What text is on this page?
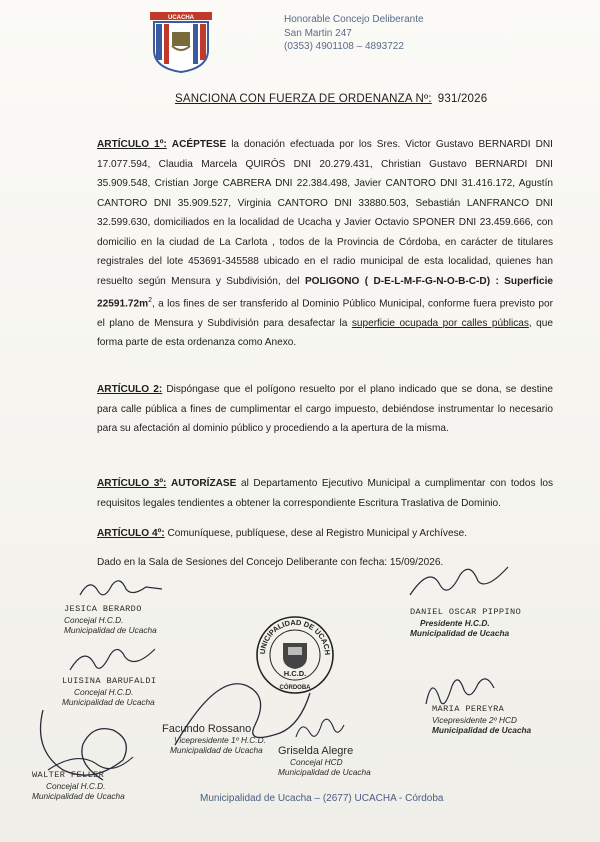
UCACHA	Honorable Concejo Deliberante
San Martin 247
(0353) 4901108 – 4893722
SANCIONA CON FUERZA DE ORDENANZA Nº: 931/2026
ARTÍCULO 1º: ACÉPTESE la donación efectuada por los Sres. Victor Gustavo BERNARDI DNI 17.077.594, Claudia Marcela QUIRÓS DNI 20.279.431, Christian Gustavo BERNARDI DNI 35.909.548, Cristian Jorge CABRERA DNI 22.384.498, Javier CANTORO DNI 31.416.172, Agustín CANTORO DNI 35.909.527, Virginia CANTORO DNI 33880.503, Sebastián LANFRANCO DNI 32.599.630, domiciliados en la localidad de Ucacha y Javier Octavio SPONER DNI 23.459.666, con domicilio en la ciudad de La Carlota , todos de la Provincia de Córdoba, en carácter de titulares registrales del lote 453691-345588 ubicado en el radio municipal de esta localidad, quienes han resuelto según Mensura y Subdivisión, del POLIGONO ( D-E-L-M-F-G-N-O-B-C-D) : Superficie $22591.72m^2$, a los fines de ser transferido al Dominio Público Municipal, conforme fuera previsto por el plano de Mensura y Subdivisión para desafectar la superficie ocupada por calles públicas, que forma parte de esta ordenanza como Anexo.
ARTÍCULO 2: Dispóngase que el polígono resuelto por el plano indicado que se dona, se destine para calle pública a fines de cumplimentar el cargo impuesto, debiéndose instrumentar lo necesario para su afectación al dominio público y procediendo a la apertura de la misma.
ARTÍCULO 3º: AUTORÍZASE al Departamento Ejecutivo Municipal a cumplimentar con todos los requisitos legales tendientes a obtener la correspondiente Escritura Traslativa de Dominio.
ARTÍCULO 4º: Comuníquese, publíquese, dese al Registro Municipal y Archívese.
Dado en la Sala de Sesiones del Concejo Deliberante con fecha: 15/09/2026.
MUNICIPALIDAD DE UCACHA
H.C.D.
CÓRDOBA
JESICA BERARDO
Concejal H.C.D.
Municipalidad de Ucacha
DANIEL OSCAR PIPPINO
Presidente H.C.D.
Municipalidad de Ucacha
LUISINA BARUFALDI
Concejal H.C.D.
Municipalidad de Ucacha
MARIA PEREYRA
Vicepresidente 2º HCD
Municipalidad de Ucacha
Facundo Rossano
Vicepresidente 1º H.C.D.
Municipalidad de Ucacha Griselda Alegre
Concejal HCD
Municipalidad de Ucacha
WALTER FELLER
Concejal H.C.D.
Municipalidad de Ucacha	Municipalidad de Ucacha – (2677) UCACHA - Córdoba
